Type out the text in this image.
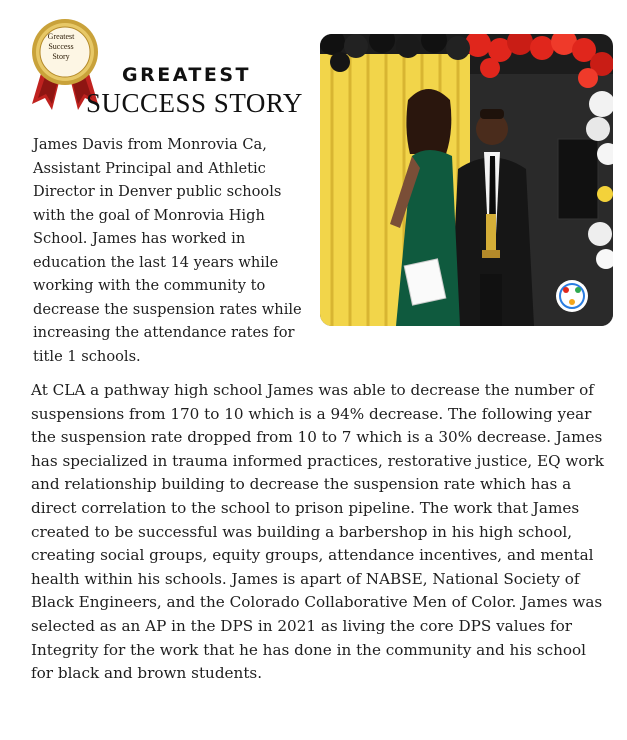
Greatest
Success
Story
GREATEST
SUCCESS STORY

James Davis from Monrovia Ca, Assistant Principal and Athletic Director in Denver public schools with the goal of Monrovia High School. James has worked in education the last 14 years while working with the community to decrease the suspension rates while increasing the attendance rates for title 1 schools.

At CLA a pathway high school James was able to decrease the number of suspensions from 170 to 10 which is a 94% decrease. The following year the suspension rate dropped from 10 to 7 which is a 30% decrease. James has specialized in trauma informed practices, restorative justice, EQ work and relationship building to decrease the suspension rate which has a direct correlation to the school to prison pipeline. The work that James created to be successful was building a barbershop in his high school, creating social groups, equity groups, attendance incentives, and mental health within his schools. James is apart of NABSE, National Society of Black Engineers, and the Colorado Collaborative Men of Color. James was selected as an AP in the DPS in 2021 as living the core DPS values for Integrity for the work that he has done in the community and his school for black and brown students.
